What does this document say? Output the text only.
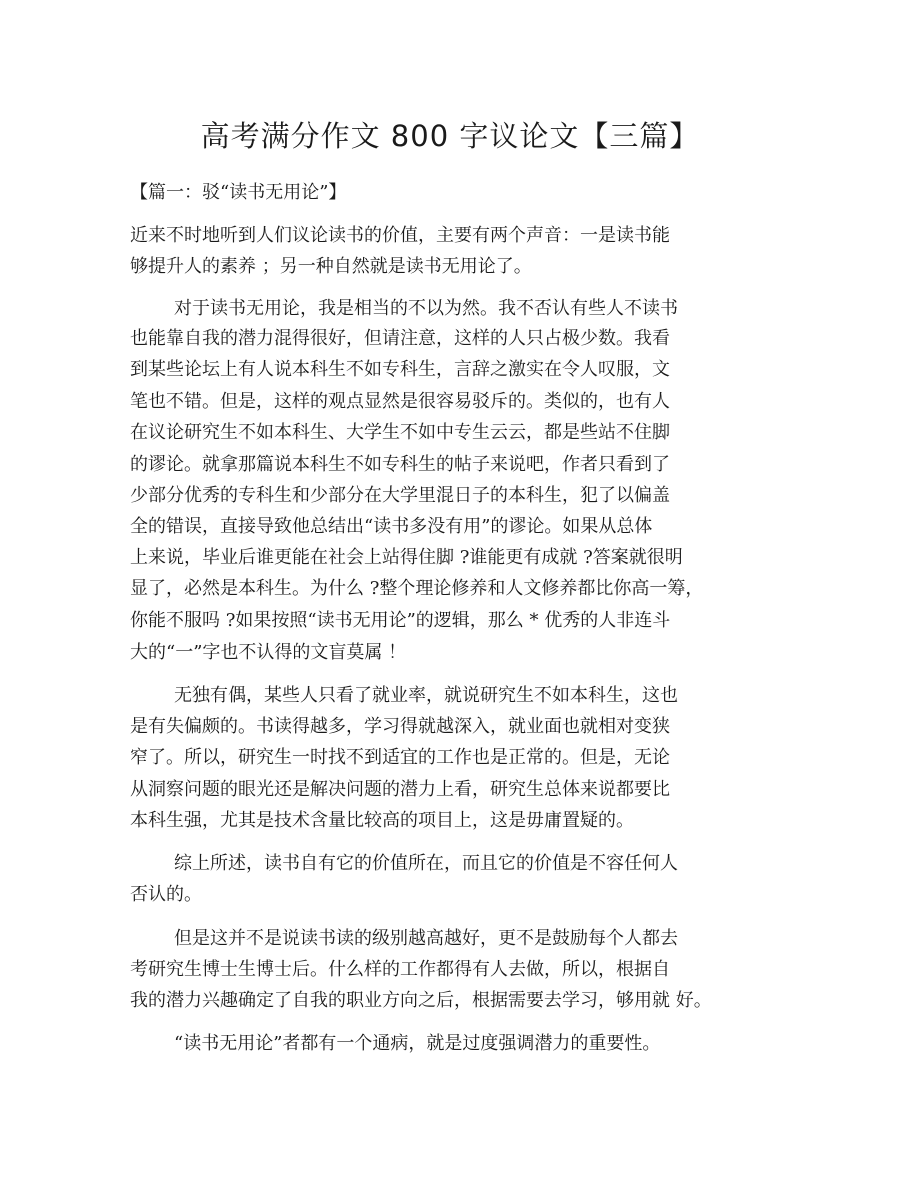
高考满分作文 800 字议论文【三篇】

【篇一：驳“读书无用论”】

近来不时地听到人们议论读书的价值，主要有两个声音：一是读书能

够提升人的素养 ；另一种自然就是读书无用论了。

对于读书无用论，我是相当的不以为然。我不否认有些人不读书

也能靠自我的潜力混得很好，但请注意，这样的人只占极少数。我看

到某些论坛上有人说本科生不如专科生，言辞之激实在令人叹服，文

笔也不错。但是，这样的观点显然是很容易驳斥的。类似的，也有人

在议论研究生不如本科生、大学生不如中专生云云，都是些站不住脚

的谬论。就拿那篇说本科生不如专科生的帖子来说吧，作者只看到了

少部分优秀的专科生和少部分在大学里混日子的本科生，犯了以偏盖

全的错误，直接导致他总结出“读书多没有用”的谬论。如果从总体

上来说，毕业后谁更能在社会上站得住脚 ?谁能更有成就 ?答案就很明

显了，必然是本科生。为什么 ?整个理论修养和人文修养都比你高一筹，

你能不服吗 ?如果按照“读书无用论”的逻辑，那么 * 优秀的人非连斗

大的“一”字也不认得的文盲莫属 ！

无独有偶，某些人只看了就业率，就说研究生不如本科生，这也

是有失偏颇的。书读得越多，学习得就越深入，就业面也就相对变狭

窄了。所以，研究生一时找不到适宜的工作也是正常的。但是，无论

从洞察问题的眼光还是解决问题的潜力上看，研究生总体来说都要比

本科生强，尤其是技术含量比较高的项目上，这是毋庸置疑的。

综上所述，读书自有它的价值所在，而且它的价值是不容任何人

否认的。

但是这并不是说读书读的级别越高越好，更不是鼓励每个人都去

考研究生博士生博士后。什么样的工作都得有人去做，所以，根据自

我的潜力兴趣确定了自我的职业方向之后，根据需要去学习，够用就 好。

“读书无用论”者都有一个通病，就是过度强调潜力的重要性。
